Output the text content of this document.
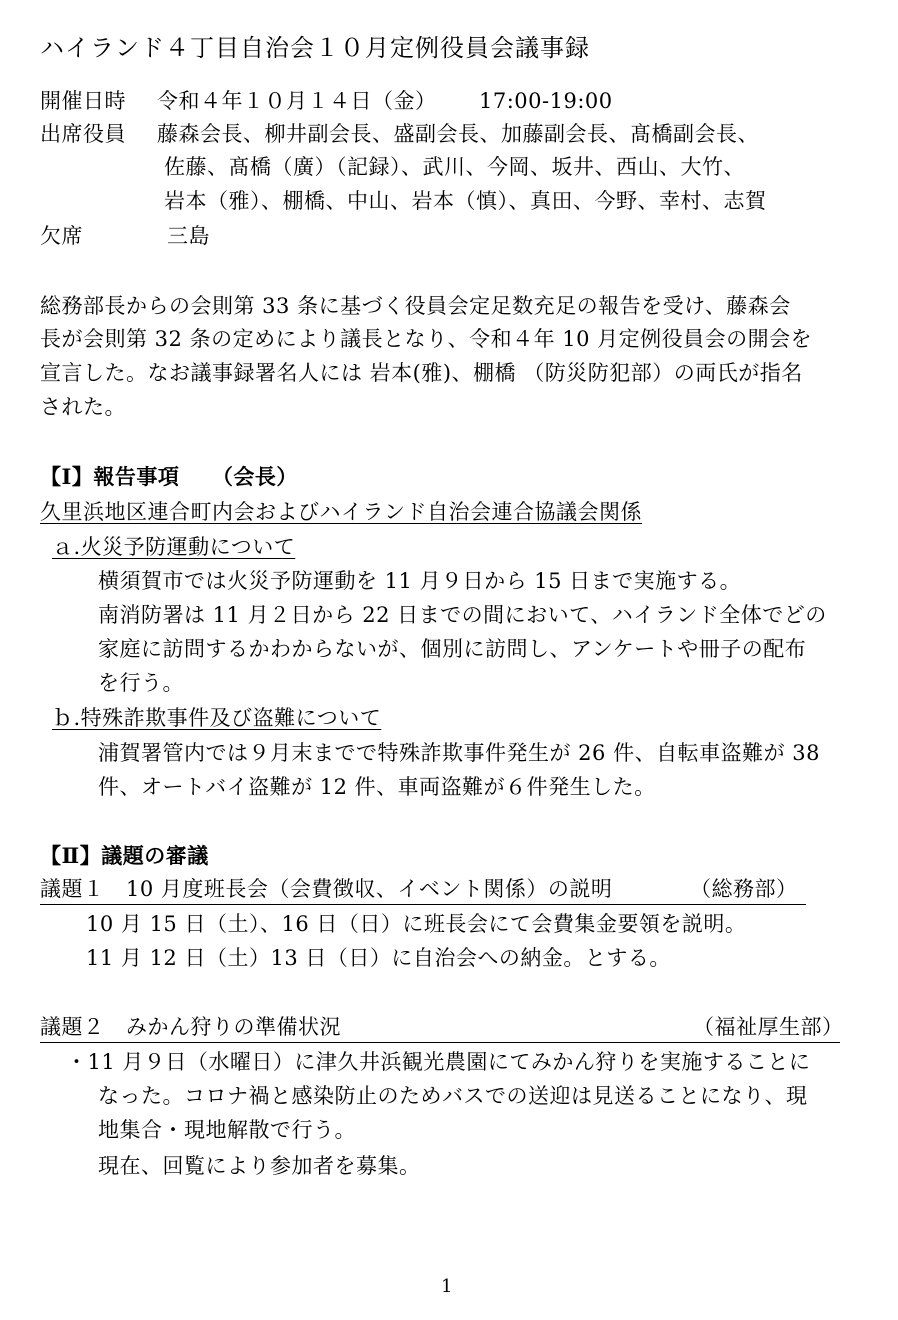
ハイランド４丁目自治会１０月定例役員会議事録
開催日時 令和４年１０月１４日（金） 17:00-19:00
出席役員 藤森会長、柳井副会長、盛副会長、加藤副会長、髙橋副会長、
佐藤、髙橋（廣）（記録）、武川、今岡、坂井、西山、大竹、
岩本（雅）、棚橋、中山、岩本（慎）、真田、今野、幸村、志賀
欠席	三島
総務部長からの会則第 33 条に基づく役員会定足数充足の報告を受け、藤森会
長が会則第 32 条の定めにより議長となり、令和４年 10 月定例役員会の開会を
宣言した。なお議事録署名人には 岩本(雅)、棚橋 （防災防犯部）の両氏が指名
された。
【Ⅰ】報告事項　　（会長）
久里浜地区連合町内会およびハイランド自治会連合協議会関係
ａ.火災予防運動について
横須賀市では火災予防運動を 11 月９日から 15 日まで実施する。
南消防署は 11 月２日から 22 日までの間において、ハイランド全体でどの
家庭に訪問するかわからないが、個別に訪問し、アンケートや冊子の配布
を行う。
ｂ.特殊詐欺事件及び盗難について
浦賀署管内では９月末までで特殊詐欺事件発生が 26 件、自転車盗難が 38
件、オートバイ盗難が 12 件、車両盗難が６件発生した。
【Ⅱ】議題の審議
議題１　10 月度班長会（会費徴収、イベント関係）の説明	（総務部）
10 月 15 日（土）、16 日（日）に班長会にて会費集金要領を説明。
11 月 12 日（土）13 日（日）に自治会への納金。とする。
議題２　みかん狩りの準備状況	（福祉厚生部）
・11 月９日（水曜日）に津久井浜観光農園にてみかん狩りを実施することに
なった。コロナ禍と感染防止のためバスでの送迎は見送ることになり、現
地集合・現地解散で行う。
現在、回覧により参加者を募集。
1
